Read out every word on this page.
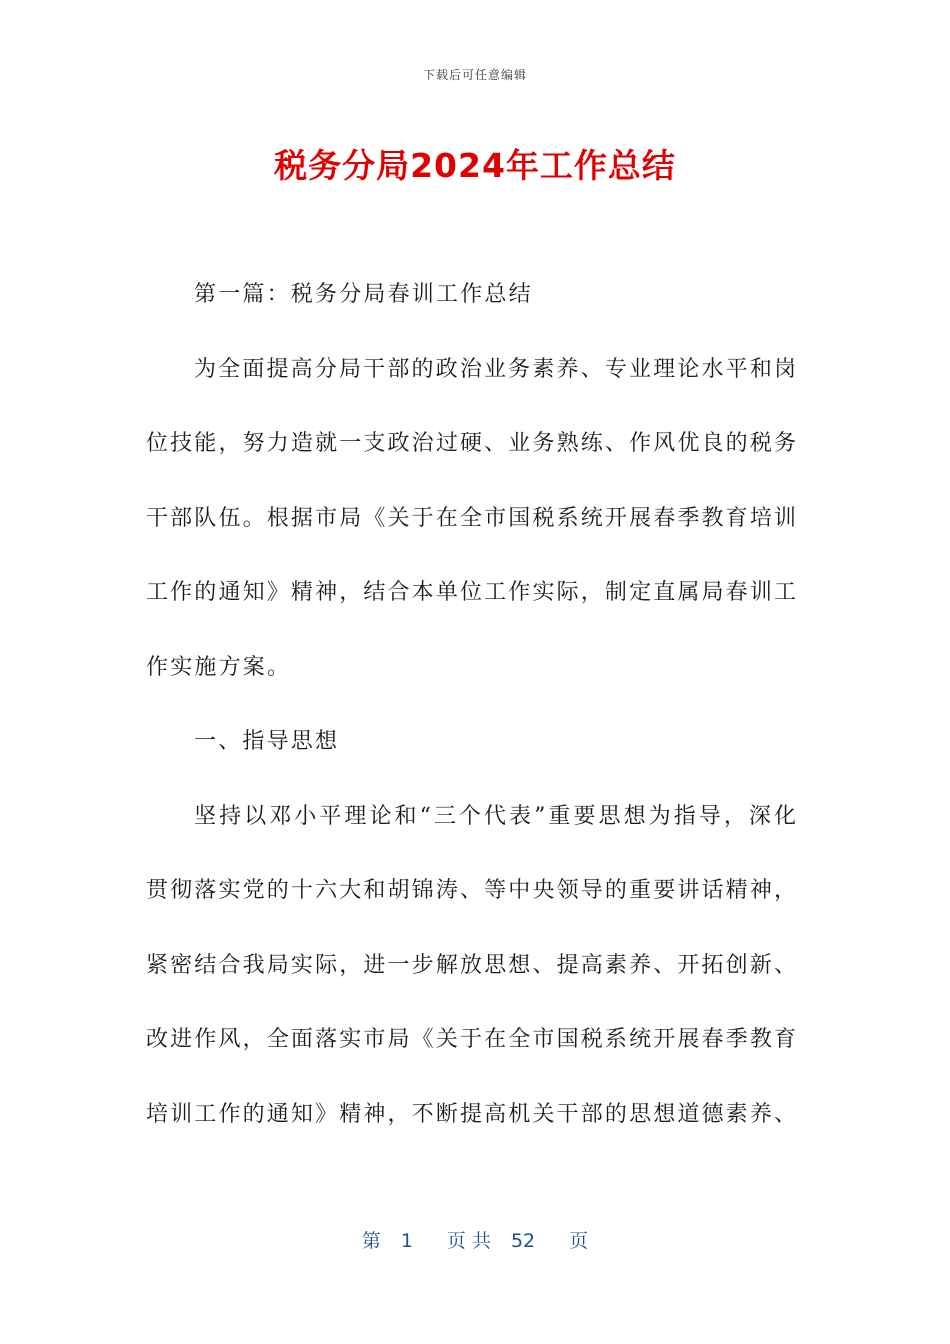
下载后可任意编辑
税务分局2024年工作总结
第一篇：税务分局春训工作总结
为全面提高分局干部的政治业务素养、专业理论水平和岗
位技能，努力造就一支政治过硬、业务熟练、作风优良的税务
干部队伍。根据市局《关于在全市国税系统开展春季教育培训
工作的通知》精神，结合本单位工作实际，制定直属局春训工
作实施方案。
一、指导思想
坚持以邓小平理论和“三个代表”重要思想为指导，深化
贯彻落实党的十六大和胡锦涛、等中央领导的重要讲话精神，
紧密结合我局实际，进一步解放思想、提高素养、开拓创新、
改进作风，全面落实市局《关于在全市国税系统开展春季教育
培训工作的通知》精神，不断提高机关干部的思想道德素养、
第 1 页 共 52 页
